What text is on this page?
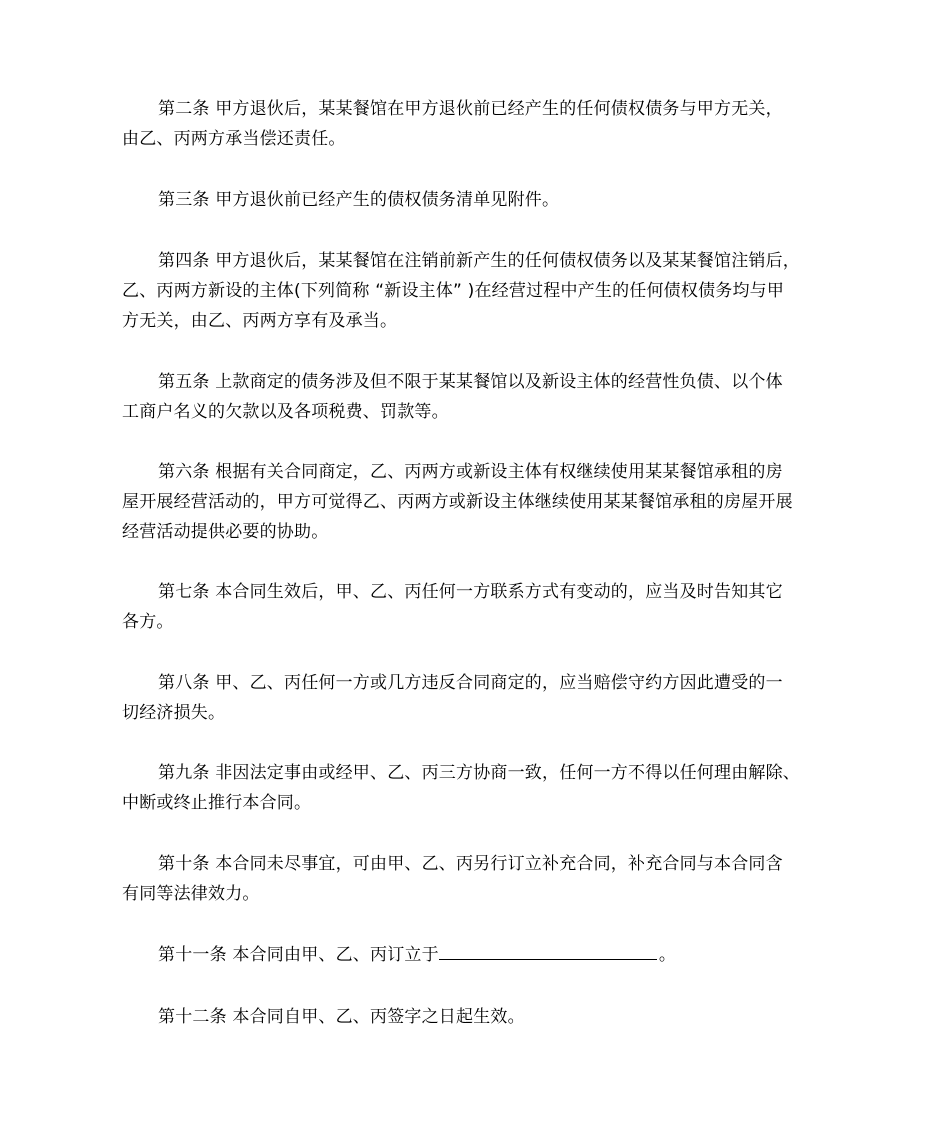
第二条 甲方退伙后，某某餐馆在甲方退伙前已经产生的任何债权债务与甲方无关，
由乙、丙两方承当偿还责任。
第三条 甲方退伙前已经产生的债权债务清单见附件。
第四条 甲方退伙后，某某餐馆在注销前新产生的任何债权债务以及某某餐馆注销后，
乙、丙两方新设的主体(下列简称 “新设主体” )在经营过程中产生的任何债权债务均与甲
方无关，由乙、丙两方享有及承当。
第五条 上款商定的债务涉及但不限于某某餐馆以及新设主体的经营性负债、以个体
工商户名义的欠款以及各项税费、罚款等。
第六条 根据有关合同商定，乙、丙两方或新设主体有权继续使用某某餐馆承租的房
屋开展经营活动的，甲方可觉得乙、丙两方或新设主体继续使用某某餐馆承租的房屋开展
经营活动提供必要的协助。
第七条 本合同生效后，甲、乙、丙任何一方联系方式有变动的，应当及时告知其它
各方。
第八条 甲、乙、丙任何一方或几方违反合同商定的，应当赔偿守约方因此遭受的一
切经济损失。
第九条 非因法定事由或经甲、乙、丙三方协商一致，任何一方不得以任何理由解除、
中断或终止推行本合同。
第十条 本合同未尽事宜，可由甲、乙、丙另行订立补充合同，补充合同与本合同含
有同等法律效力。
第十一条 本合同由甲、乙、丙订立于	。
第十二条 本合同自甲、乙、丙签字之日起生效。
